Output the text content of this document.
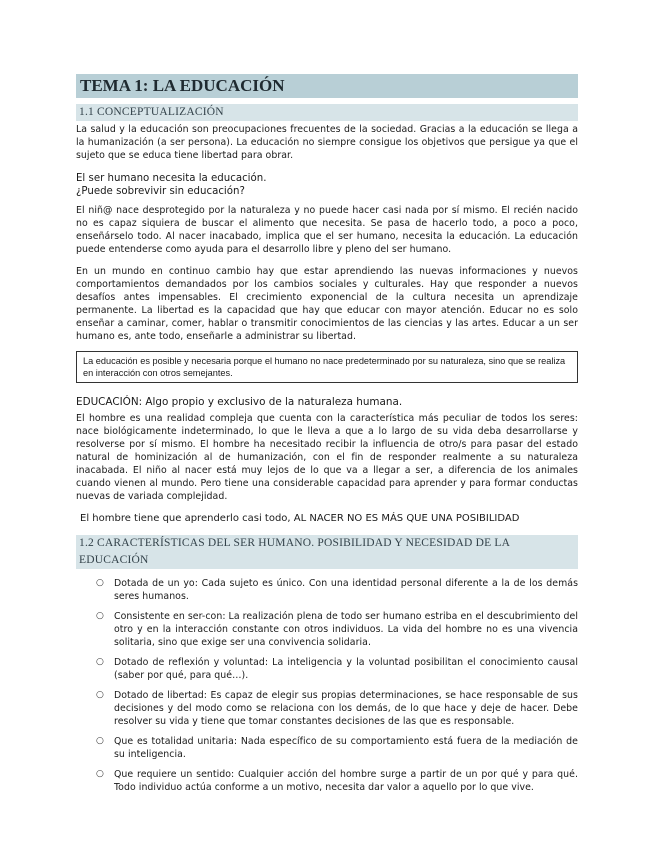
TEMA 1: LA EDUCACIÓN
1.1 CONCEPTUALIZACIÓN

La salud y la educación son preocupaciones frecuentes de la sociedad. Gracias a la educación se llega a la humanización (a ser persona). La educación no siempre consigue los objetivos que persigue ya que el sujeto que se educa tiene libertad para obrar.

El ser humano necesita la educación.
¿Puede sobrevivir sin educación?

El niñ@ nace desprotegido por la naturaleza y no puede hacer casi nada por sí mismo. El recién nacido no es capaz siquiera de buscar el alimento que necesita. Se pasa de hacerlo todo, a poco a poco, enseñárselo todo. Al nacer inacabado, implica que el ser humano, necesita la educación. La educación puede entenderse como ayuda para el desarrollo libre y pleno del ser humano.

En un mundo en continuo cambio hay que estar aprendiendo las nuevas informaciones y nuevos comportamientos demandados por los cambios sociales y culturales. Hay que responder a nuevos desafíos antes impensables. El crecimiento exponencial de la cultura necesita un aprendizaje permanente. La libertad es la capacidad que hay que educar con mayor atención. Educar no es solo enseñar a caminar, comer, hablar o transmitir conocimientos de las ciencias y las artes. Educar a un ser humano es, ante todo, enseñarle a administrar su libertad.

La educación es posible y necesaria porque el humano no nace predeterminado por su naturaleza, sino que se realiza en interacción con otros semejantes.
EDUCACIÓN: Algo propio y exclusivo de la naturaleza humana.

El hombre es una realidad compleja que cuenta con la característica más peculiar de todos los seres: nace biológicamente indeterminado, lo que le lleva a que a lo largo de su vida deba desarrollarse y resolverse por sí mismo. El hombre ha necesitado recibir la influencia de otro/s para pasar del estado natural de hominización al de humanización, con el fin de responder realmente a su naturaleza inacabada. El niño al nacer está muy lejos de lo que va a llegar a ser, a diferencia de los animales cuando vienen al mundo. Pero tiene una considerable capacidad para aprender y para formar conductas nuevas de variada complejidad.

El hombre tiene que aprenderlo casi todo, AL NACER NO ES MÁS QUE UNA POSIBILIDAD
1.2 CARACTERÍSTICAS DEL SER HUMANO. POSIBILIDAD Y NECESIDAD DE LA EDUCACIÓN
○ Dotada de un yo: Cada sujeto es único. Con una identidad personal diferente a la de los demás seres humanos.

○ Consistente en ser-con: La realización plena de todo ser humano estriba en el descubrimiento del otro y en la interacción constante con otros individuos. La vida del hombre no es una vivencia solitaria, sino que exige ser una convivencia solidaria.

○ Dotado de reflexión y voluntad: La inteligencia y la voluntad posibilitan el conocimiento causal (saber por qué, para qué…).

○ Dotado de libertad: Es capaz de elegir sus propias determinaciones, se hace responsable de sus decisiones y del modo como se relaciona con los demás, de lo que hace y deje de hacer. Debe resolver su vida y tiene que tomar constantes decisiones de las que es responsable.

○ Que es totalidad unitaria: Nada específico de su comportamiento está fuera de la mediación de su inteligencia.

○ Que requiere un sentido: Cualquier acción del hombre surge a partir de un por qué y para qué. Todo individuo actúa conforme a un motivo, necesita dar valor a aquello por lo que vive.
